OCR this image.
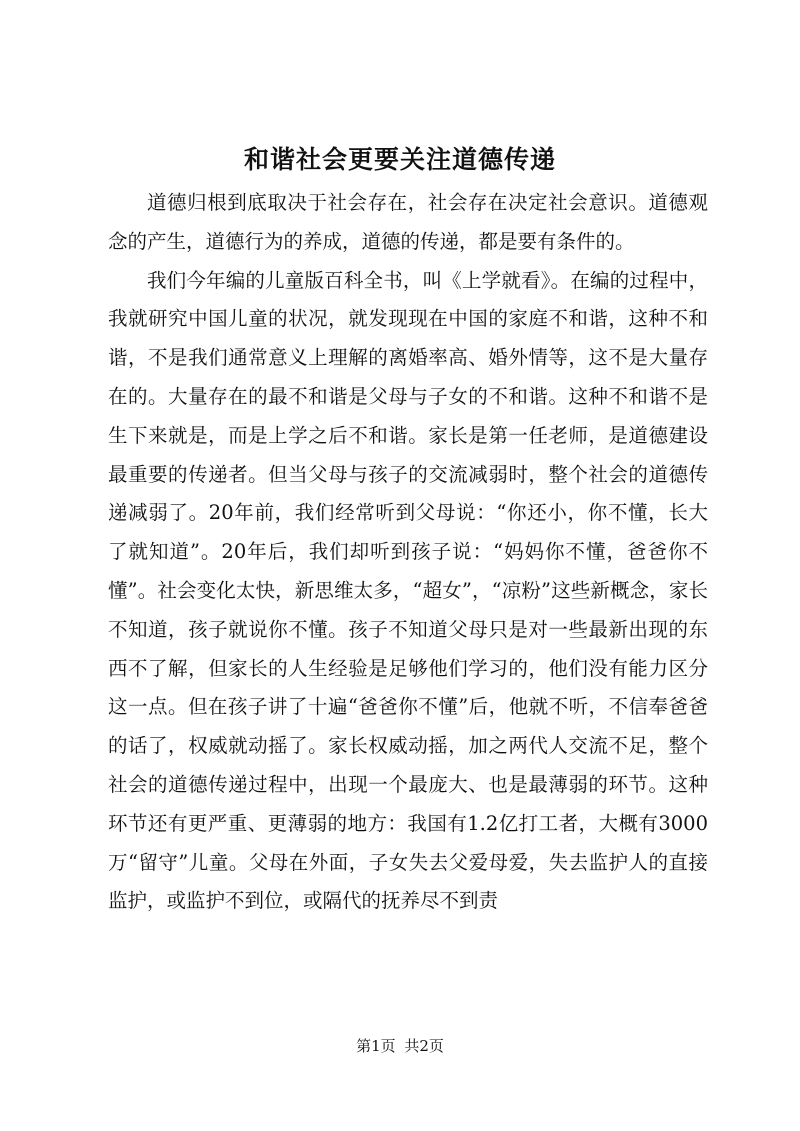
和谐社会更要关注道德传递

道德归根到底取决于社会存在，社会存在决定社会意识。道德观念的产生，道德行为的养成，道德的传递，都是要有条件的。

我们今年编的儿童版百科全书，叫《上学就看》。在编的过程中，我就研究中国儿童的状况，就发现现在中国的家庭不和谐，这种不和谐，不是我们通常意义上理解的离婚率高、婚外情等，这不是大量存在的。大量存在的最不和谐是父母与子女的不和谐。这种不和谐不是生下来就是，而是上学之后不和谐。家长是第一任老师，是道德建设最重要的传递者。但当父母与孩子的交流减弱时，整个社会的道德传递减弱了。20年前，我们经常听到父母说：“你还小，你不懂，长大了就知道”。20年后，我们却听到孩子说：“妈妈你不懂，爸爸你不懂”。社会变化太快，新思维太多，“超女”，“凉粉”这些新概念，家长不知道，孩子就说你不懂。孩子不知道父母只是对一些最新出现的东西不了解，但家长的人生经验是足够他们学习的，他们没有能力区分这一点。但在孩子讲了十遍“爸爸你不懂”后，他就不听，不信奉爸爸的话了，权威就动摇了。家长权威动摇，加之两代人交流不足，整个社会的道德传递过程中，出现一个最庞大、也是最薄弱的环节。这种环节还有更严重、更薄弱的地方：我国有1.2亿打工者，大概有3000万“留守”儿童。父母在外面，子女失去父爱母爱，失去监护人的直接监护，或监护不到位，或隔代的抚养尽不到责

第1页 共2页
